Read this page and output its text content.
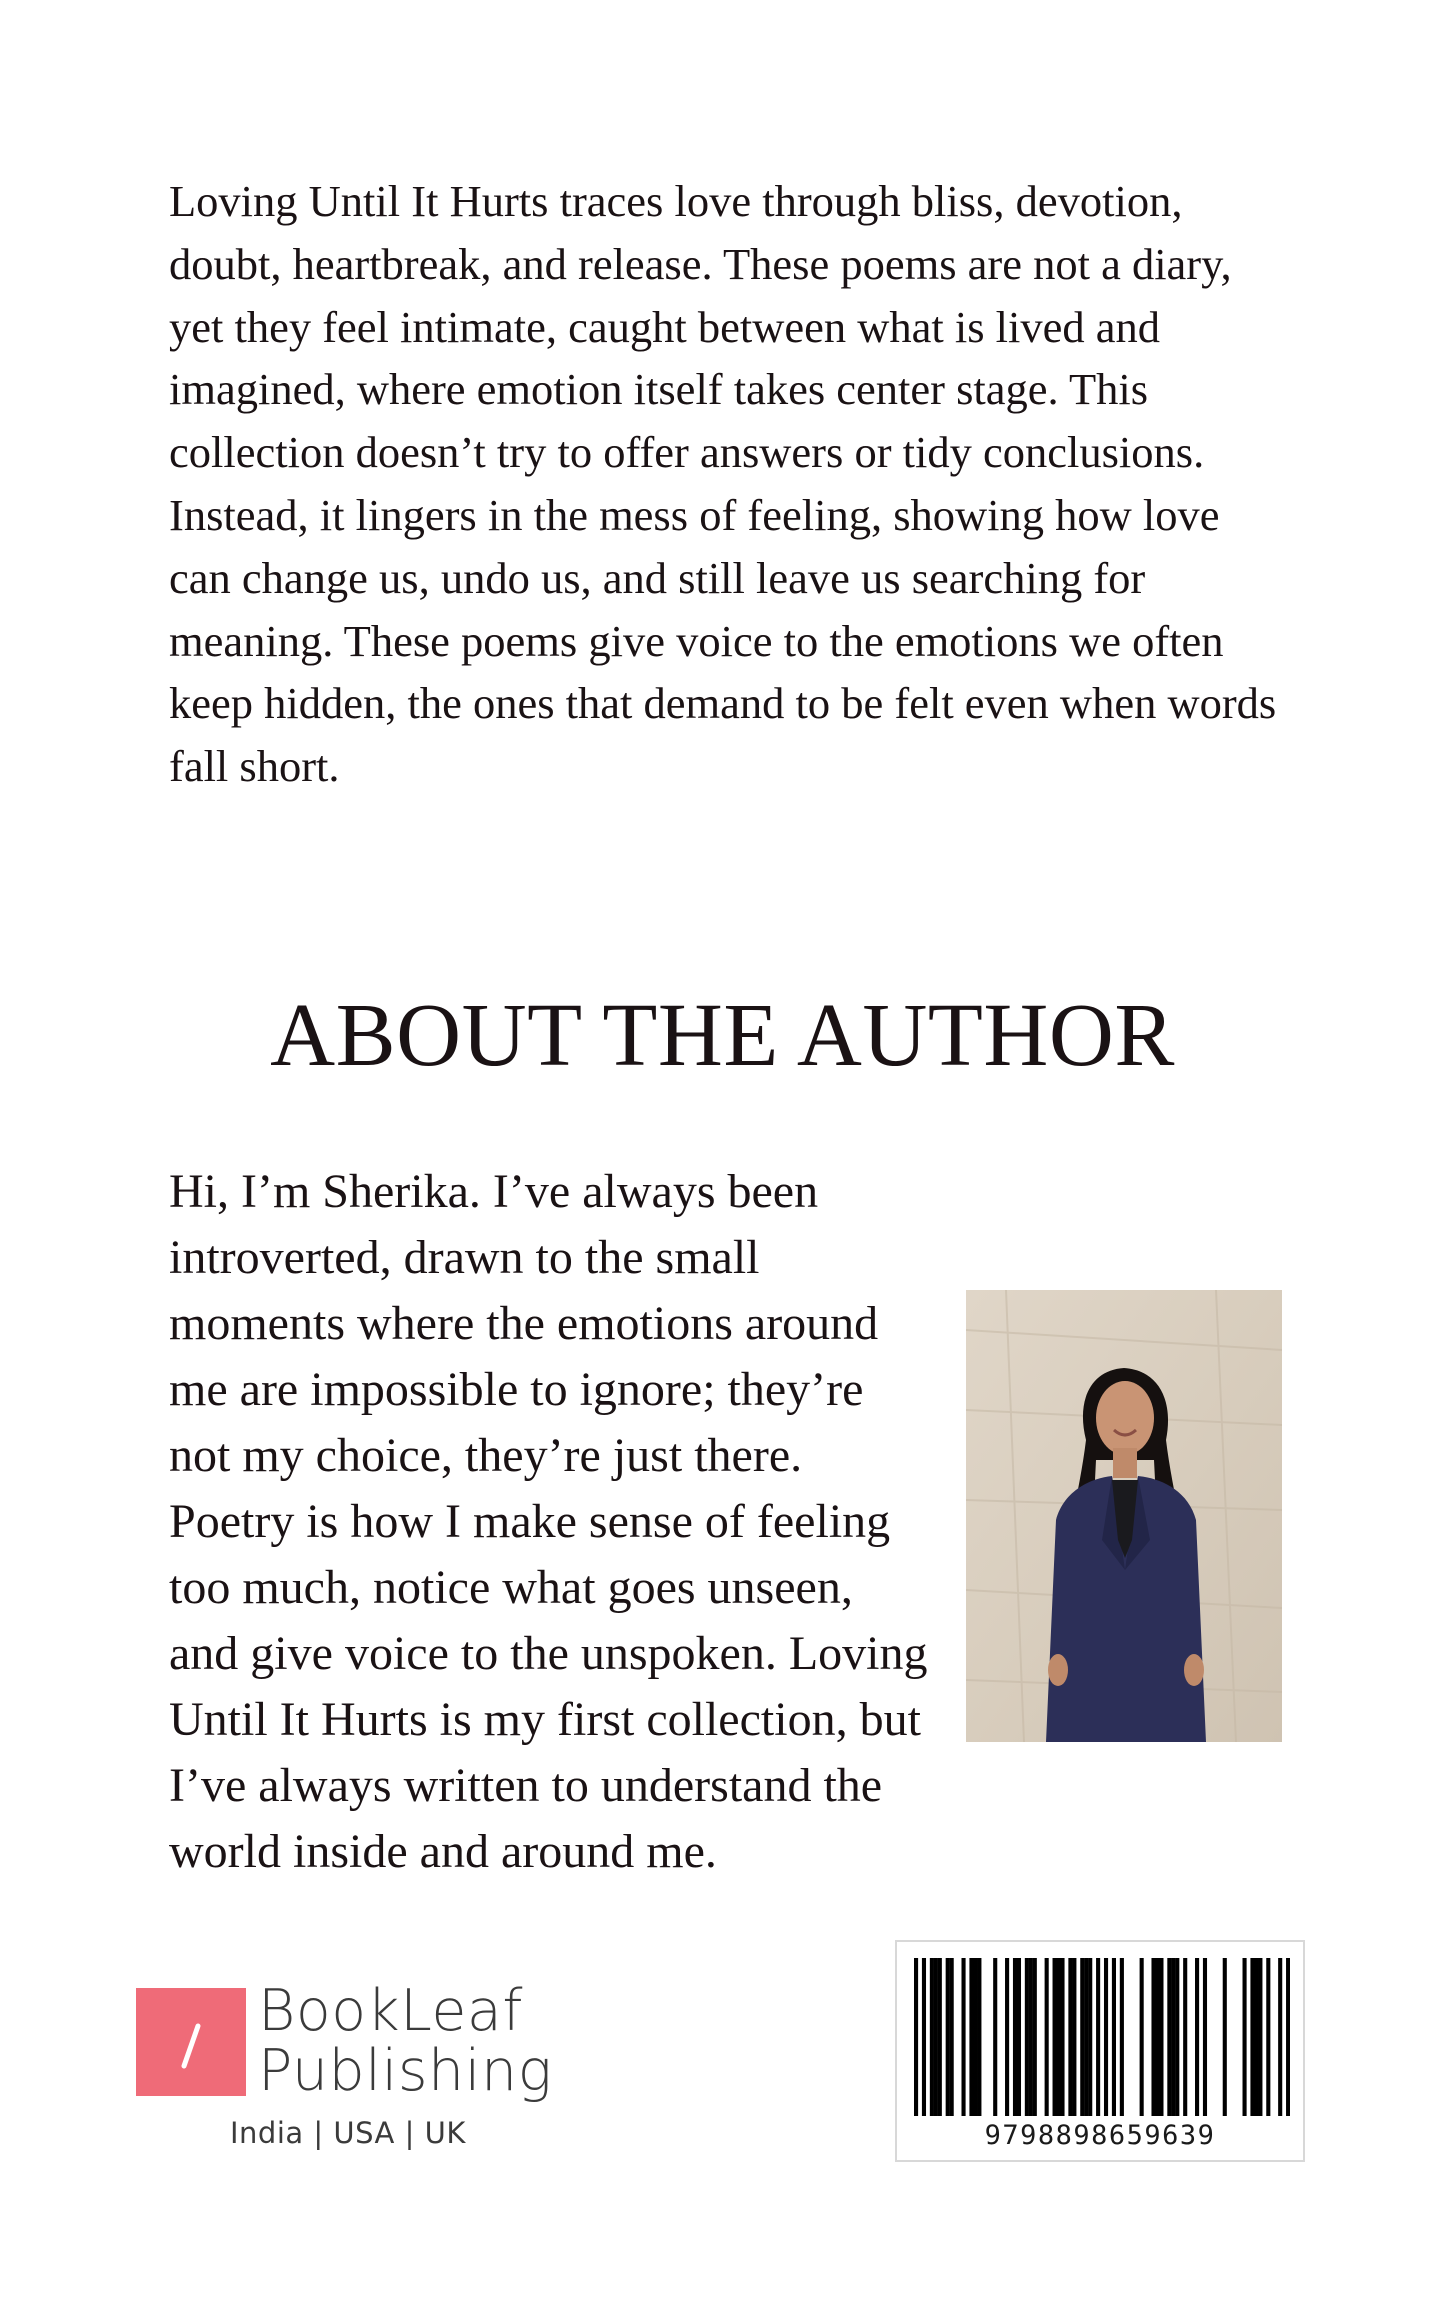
Loving Until It Hurts traces love through bliss, devotion, doubt, heartbreak, and release. These poems are not a diary, yet they feel intimate, caught between what is lived and imagined, where emotion itself takes center stage. This collection doesn’t try to offer answers or tidy conclusions. Instead, it lingers in the mess of feeling, showing how love can change us, undo us, and still leave us searching for meaning. These poems give voice to the emotions we often keep hidden, the ones that demand to be felt even when words fall short.

ABOUT THE AUTHOR

Hi, I’m Sherika. I’ve always been introverted, drawn to the small moments where the emotions around me are impossible to ignore; they’re not my choice, they’re just there. Poetry is how I make sense of feeling too much, notice what goes unseen, and give voice to the unspoken. Loving Until It Hurts is my first collection, but I’ve always written to understand the world inside and around me.

BookLeaf

Publishing

India | USA | UK	9798898659639
